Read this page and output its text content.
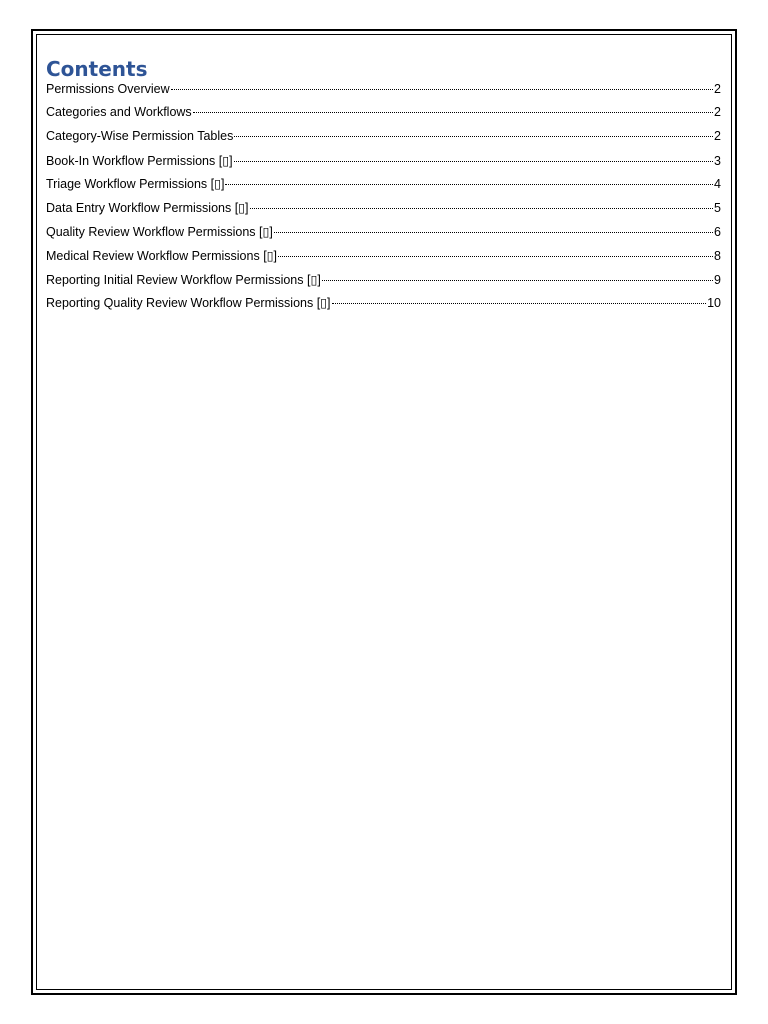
Contents
Permissions Overview	2
Categories and Workflows	2
Category-Wise Permission Tables	2
Book-In Workflow Permissions [▯]	3
Triage Workflow Permissions [▯]	4
Data Entry Workflow Permissions [▯]	5
Quality Review Workflow Permissions [▯]	6
Medical Review Workflow Permissions [▯]	8
Reporting Initial Review Workflow Permissions [▯]	9
Reporting Quality Review Workflow Permissions [▯]	10
